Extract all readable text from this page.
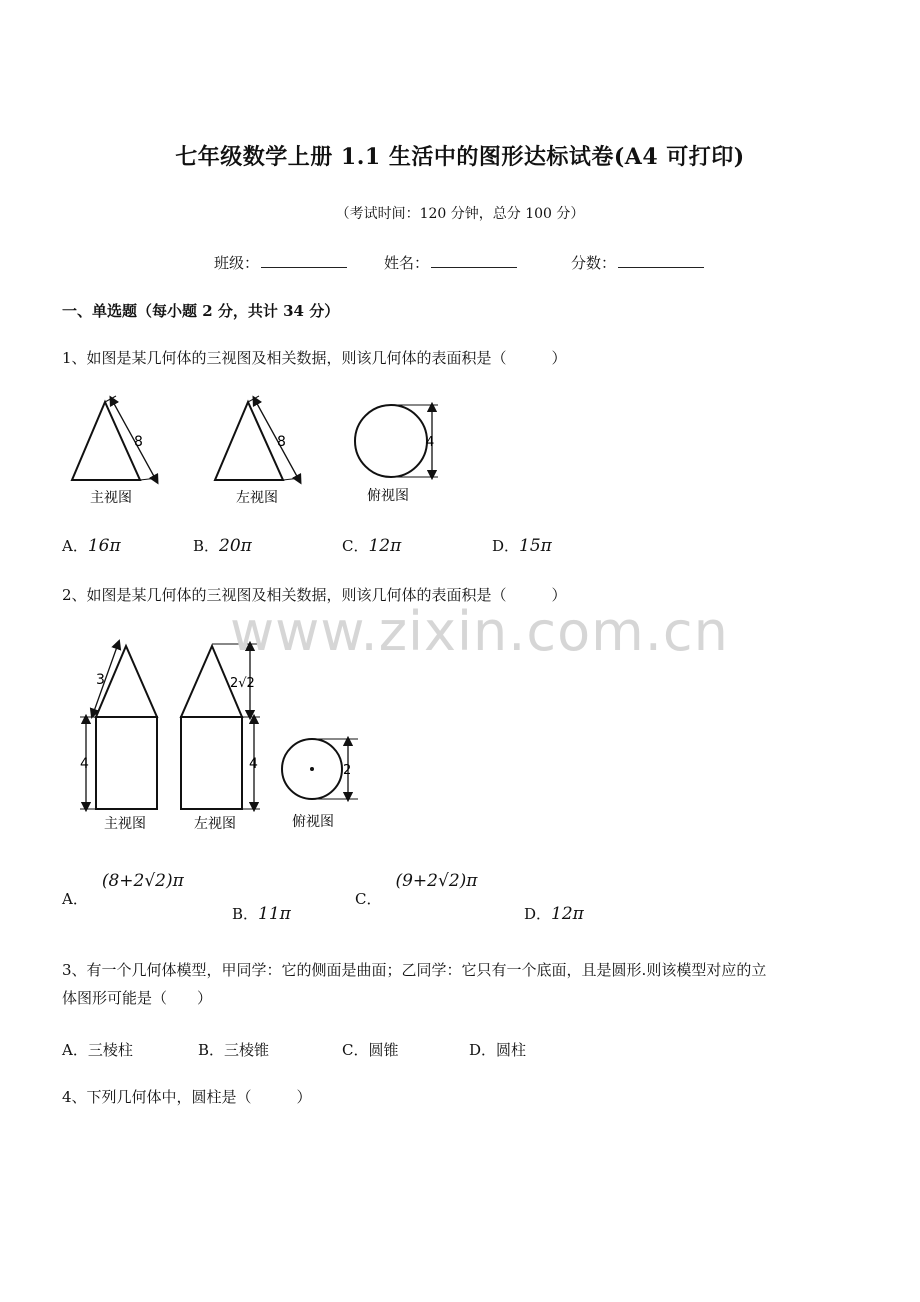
七年级数学上册 1.1 生活中的图形达标试卷(A4 可打印)
（考试时间：120 分钟，总分 100 分）
班级：	姓名：	分数：
一、单选题（每小题 2 分，共计 34 分）
1、如图是某几何体的三视图及相关数据，则该几何体的表面积是（　　　）
8
主视图
8
左视图
4
俯视图
A．16π	B．20π	C．12π	D．15π
2、如图是某几何体的三视图及相关数据，则该几何体的表面积是（　　　）
3
4
主视图
2√2
4
左视图
2
俯视图
A．(8+2√2)π
B．11π
C．(9+2√2)π
D．12π
3、有一个几何体模型，甲同学：它的侧面是曲面；乙同学：它只有一个底面，且是圆形.则该模型对应的立
体图形可能是（　　）
A．三棱柱	B．三棱锥	C．圆锥	D．圆柱
4、下列几何体中，圆柱是（　　　）
www.zixin.com.cn
